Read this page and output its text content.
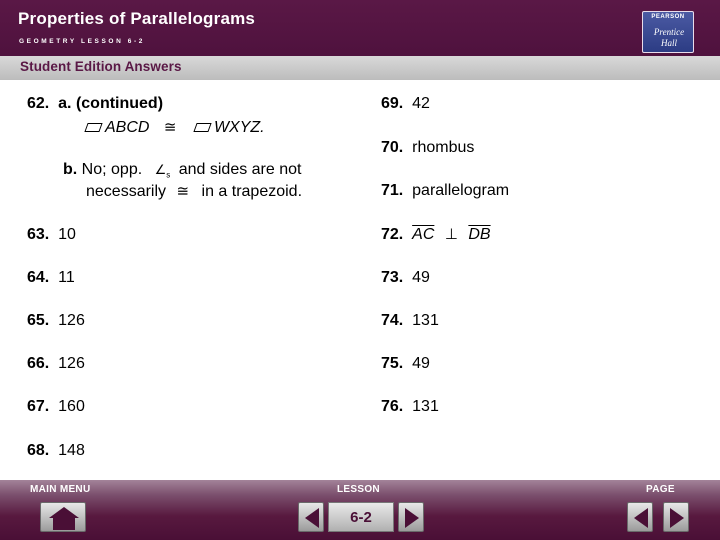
Properties of Parallelograms
GEOMETRY LESSON 6-2
PEARSON
Prentice Hall
Student Edition Answers
62. a. (continued)
ABCD ≅ WXYZ.
b. No; opp. $\angle_s$ and sides are not
necessarily ≅ in a trapezoid.
63. 10
64. 11
65. 126
66. 126
67. 160
68. 148
69. 42
70. rhombus
71. parallelogram
72. $\overline{AC}$ ⊥ $\overline{DB}$
73. 49
74. 131
75. 49
76. 131
MAIN MENU	LESSON	PAGE
6-2
